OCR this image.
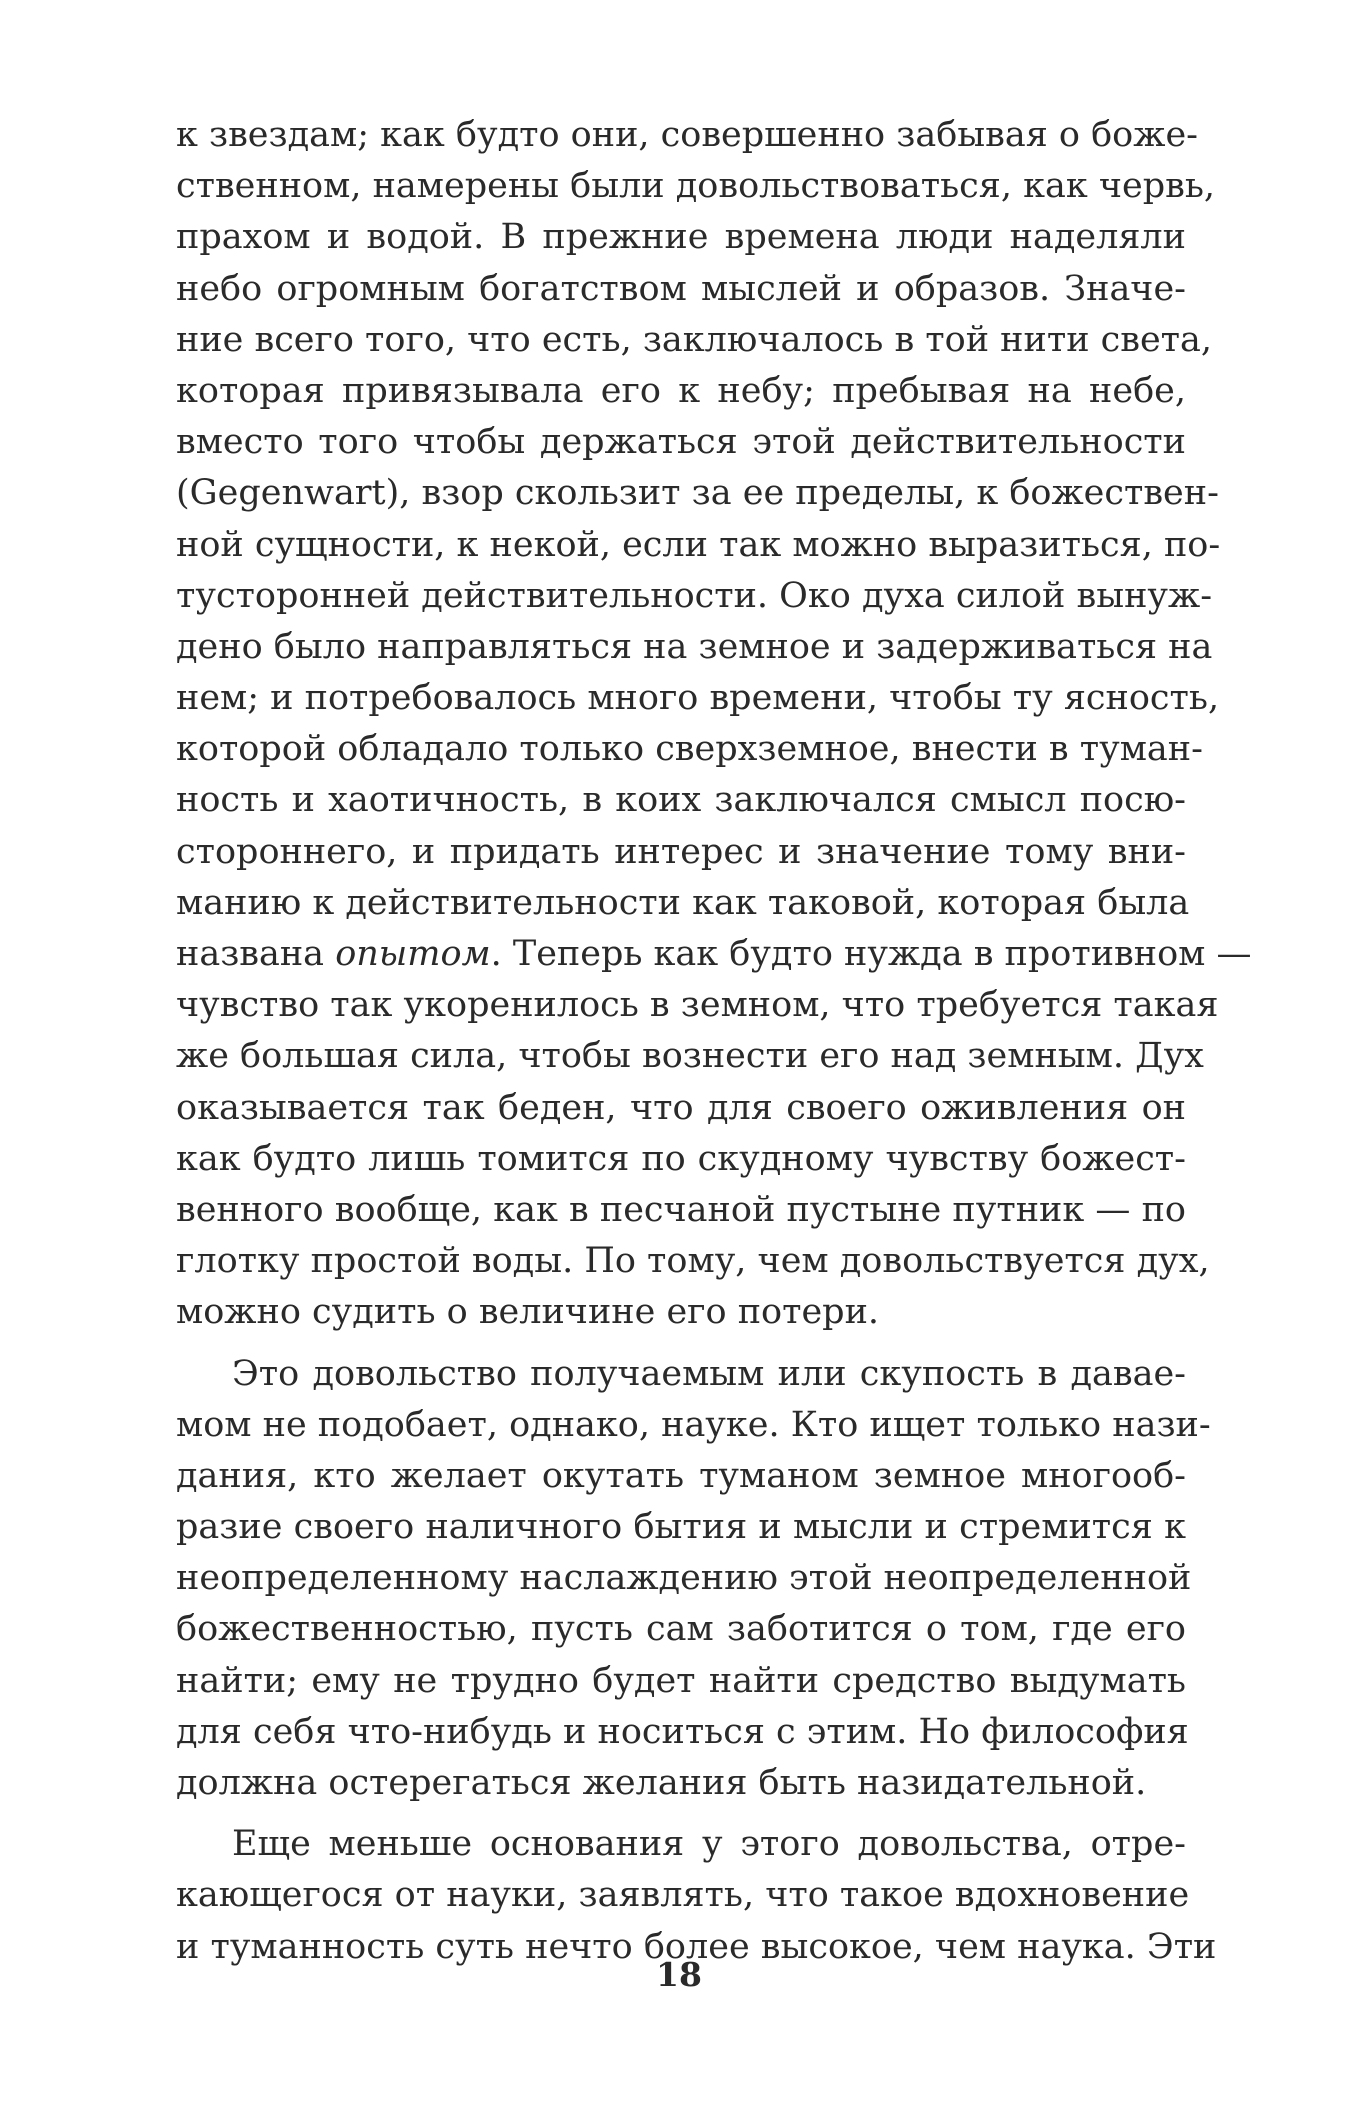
к звездам; как будто они, совершенно забывая о боже-
ственном, намерены были довольствоваться, как червь,
прахом и водой. В прежние времена люди наделяли
небо огромным богатством мыслей и образов. Значе-
ние всего того, что есть, заключалось в той нити света,
которая привязывала его к небу; пребывая на небе,
вместо того чтобы держаться этой действительности
(Gegenwart), взор скользит за ее пределы, к божествен-
ной сущности, к некой, если так можно выразиться, по-
тусторонней действительности. Око духа силой вынуж-
дено было направляться на земное и задерживаться на
нем; и потребовалось много времени, чтобы ту ясность,
которой обладало только сверхземное, внести в туман-
ность и хаотичность, в коих заключался смысл посю-
стороннего, и придать интерес и значение тому вни-
манию к действительности как таковой, которая была
названа опытом. Теперь как будто нужда в противном —
чувство так укоренилось в земном, что требуется такая
же большая сила, чтобы вознести его над земным. Дух
оказывается так беден, что для своего оживления он
как будто лишь томится по скудному чувству божест-
венного вообще, как в песчаной пустыне путник — по
глотку простой воды. По тому, чем довольствуется дух,
можно судить о величине его потери.
Это довольство получаемым или скупость в давае-
мом не подобает, однако, науке. Кто ищет только нази-
дания, кто желает окутать туманом земное многооб-
разие своего наличного бытия и мысли и стремится к
неопределенному наслаждению этой неопределенной
божественностью, пусть сам заботится о том, где его
найти; ему не трудно будет найти средство выдумать
для себя что-нибудь и носиться с этим. Но философия
должна остерегаться желания быть назидательной.
Еще меньше основания у этого довольства, отре-
кающегося от науки, заявлять, что такое вдохновение
и туманность суть нечто более высокое, чем наука. Эти
18
